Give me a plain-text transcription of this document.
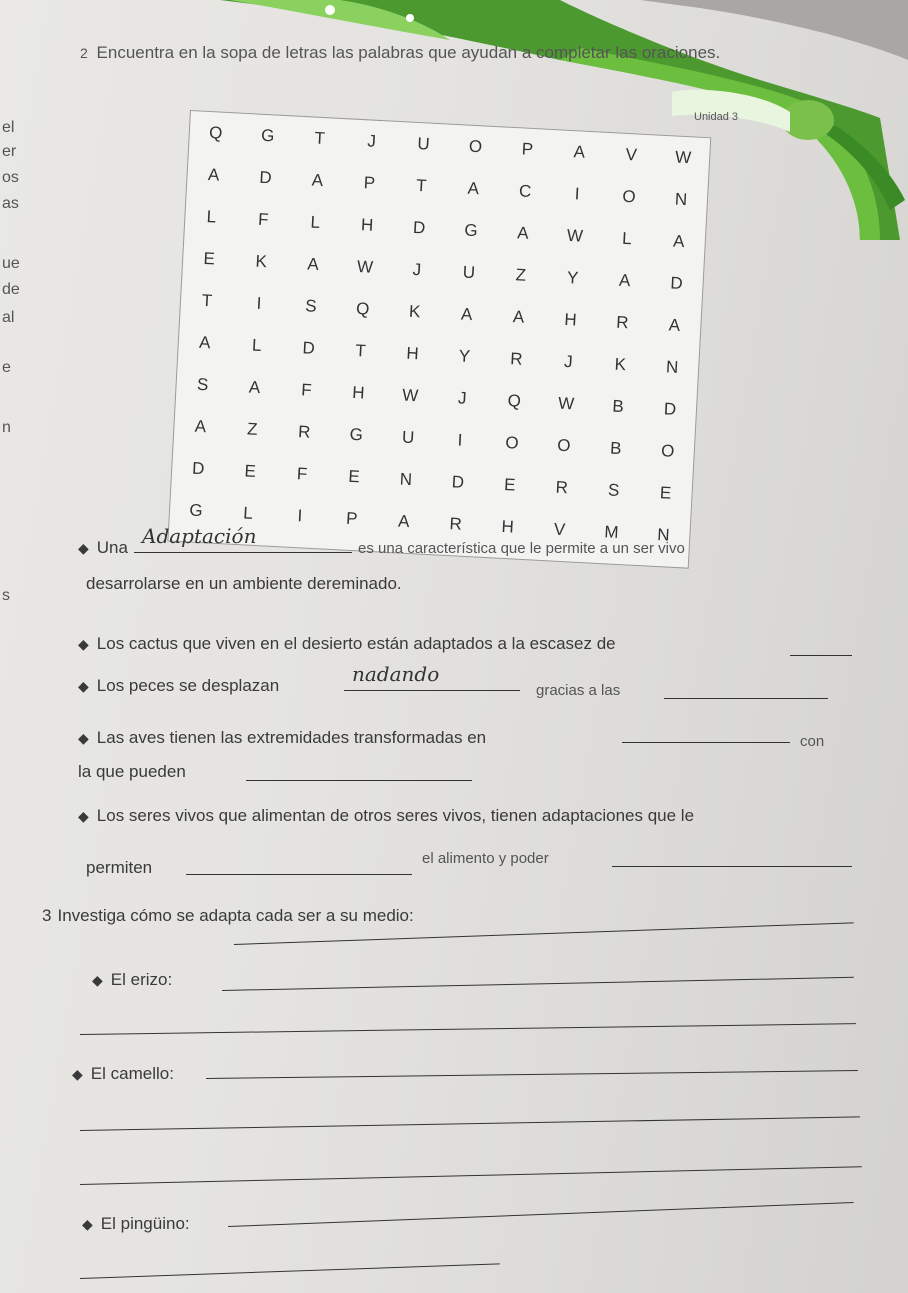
Unidad 3
el
er
os
as
ue
de
al
e
n
s
2 Encuentra en la sopa de letras las palabras que ayudan a completar las oraciones.
Q	G	T	J	U	O	P	A	V	W
A	D	A	P	T	A	C	I	O	N
L	F	L	H	D	G	A	W	L	A
E	K	A	W	J	U	Z	Y	A	D
T	I	S	Q	K	A	A	H	R	A
A	L	D	T	H	Y	R	J	K	N
S	A	F	H	W	J	Q	W	B	D
A	Z	R	G	U	I	O	O	B	O
D	E	F	E	N	D	E	R	S	E
G	L	I	P	A	R	H	V	M	N
◆ Una Adaptación
es una característica que le permite a un ser vivo
desarrolarse en un ambiente dereminado.
◆ Los cactus que viven en el desierto están adaptados a la escasez de
◆ Los peces se desplazan	nadando
gracias a las
◆ Las aves tienen las extremidades transformadas en	con
la que pueden
◆ Los seres vivos que alimentan de otros seres vivos, tienen adaptaciones que le
permiten	el alimento y poder
3 Investiga cómo se adapta cada ser a su medio:
◆ El erizo:
◆ El camello:
◆ El pingüino:
